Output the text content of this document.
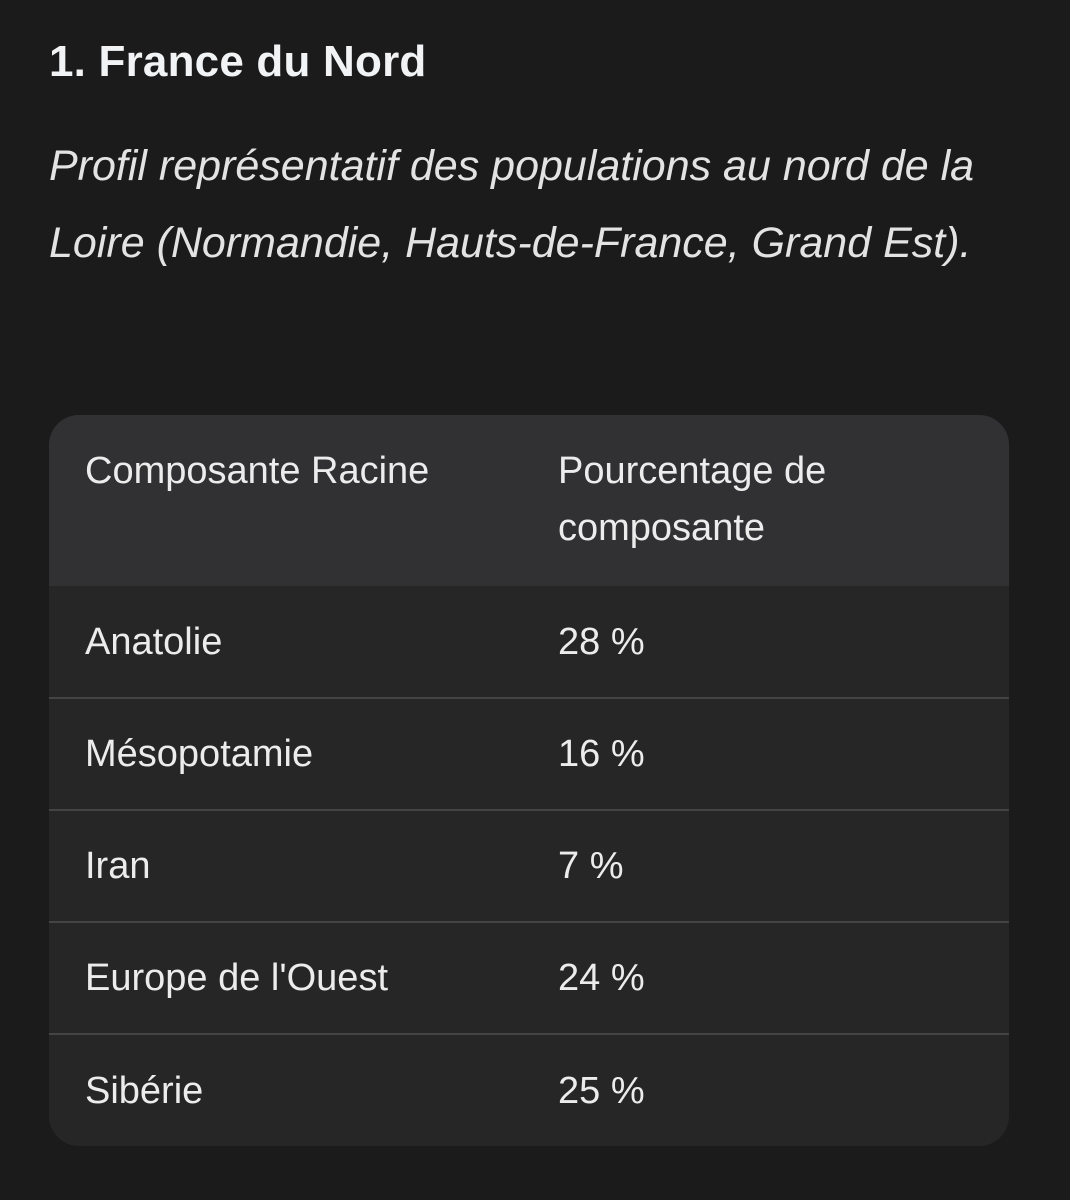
1. France du Nord

Profil représentatif des populations au nord de la Loire (Normandie, Hauts-de-France, Grand Est).

Composante Racine	Pourcentage de composante
Anatolie	28 %
Mésopotamie	16 %
Iran	7 %
Europe de l'Ouest	24 %
Sibérie	25 %
